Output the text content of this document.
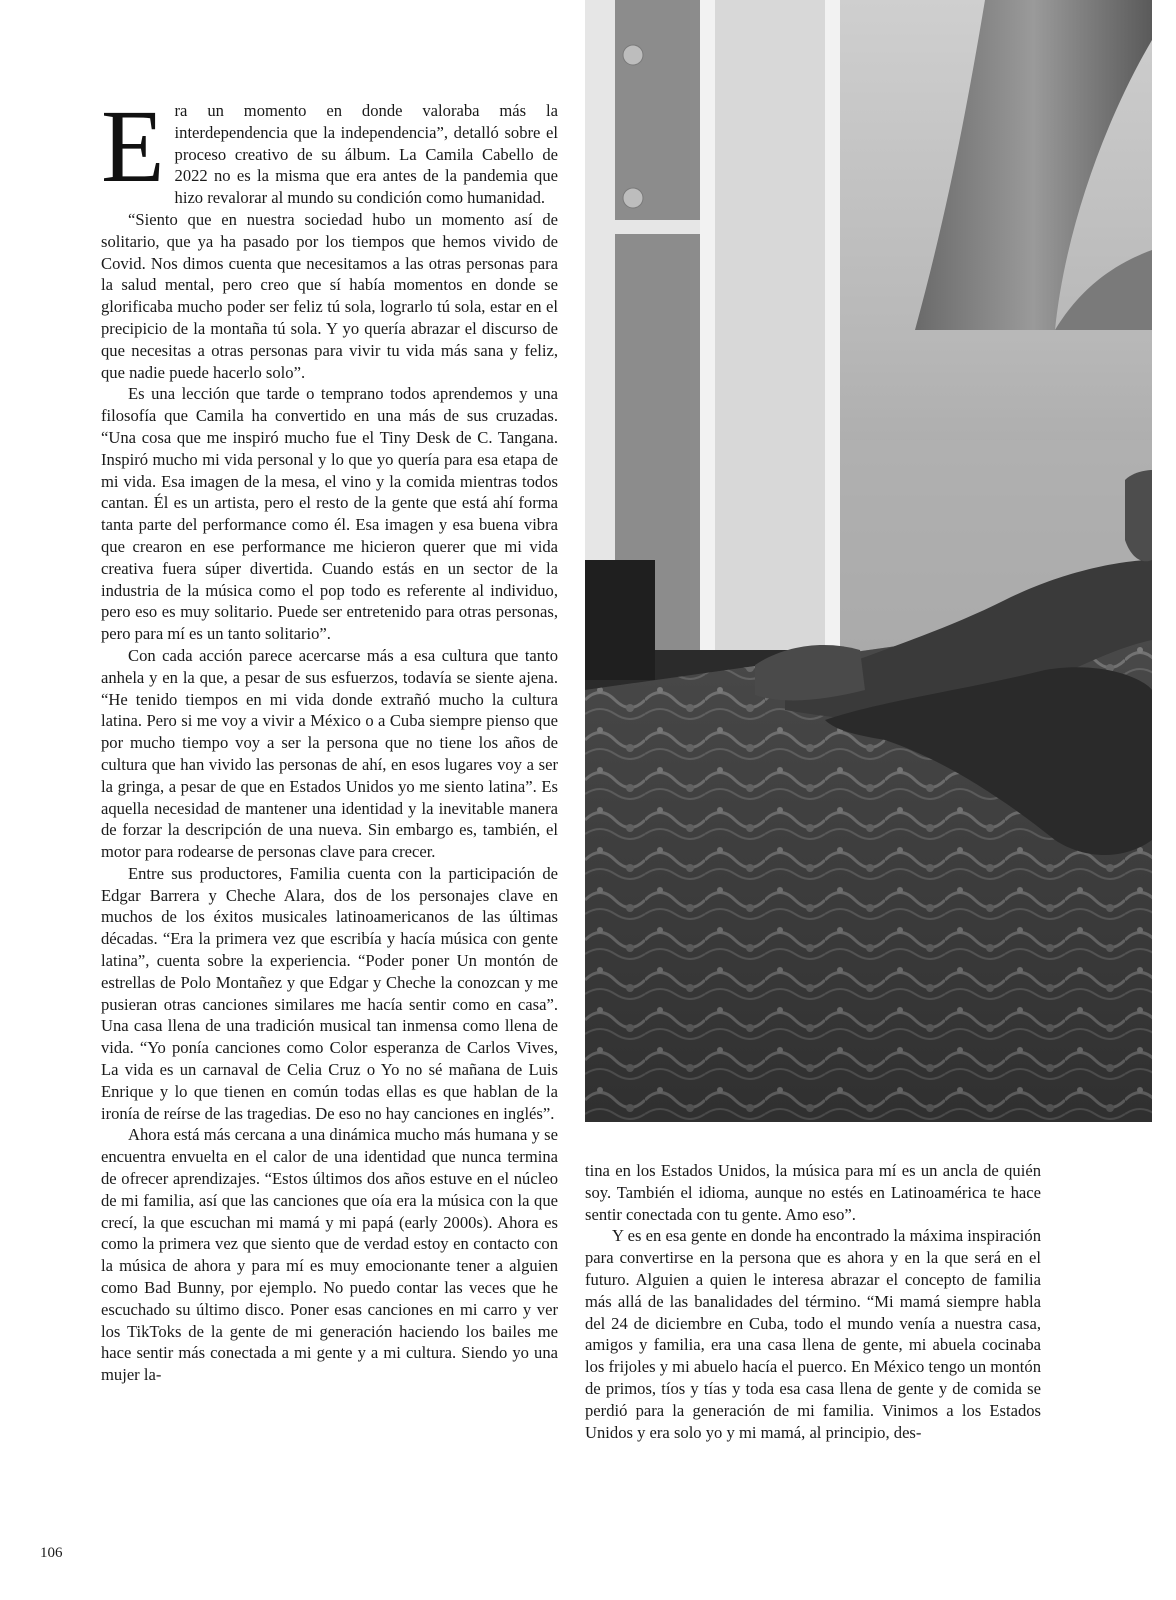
Era un momento en donde valoraba más la interdependencia que la independencia”, detalló sobre el proceso creativo de su álbum. La Camila Cabello de 2022 no es la misma que era antes de la pandemia que hizo revalorar al mundo su condición como humanidad.

“Siento que en nuestra sociedad hubo un momento así de solitario, que ya ha pasado por los tiempos que hemos vivido de Covid. Nos dimos cuenta que necesitamos a las otras personas para la salud mental, pero creo que sí había momentos en donde se glorificaba mucho poder ser feliz tú sola, lograrlo tú sola, estar en el precipicio de la montaña tú sola. Y yo quería abrazar el discurso de que necesitas a otras personas para vivir tu vida más sana y feliz, que nadie puede hacerlo solo”.

Es una lección que tarde o temprano todos aprendemos y una filosofía que Camila ha convertido en una más de sus cruzadas. “Una cosa que me inspiró mucho fue el Tiny Desk de C. Tangana. Inspiró mucho mi vida personal y lo que yo quería para esa etapa de mi vida. Esa imagen de la mesa, el vino y la comida mientras todos cantan. Él es un artista, pero el resto de la gente que está ahí forma tanta parte del performance como él. Esa imagen y esa buena vibra que crearon en ese performance me hicieron querer que mi vida creativa fuera súper divertida. Cuando estás en un sector de la industria de la música como el pop todo es referente al individuo, pero eso es muy solitario. Puede ser entretenido para otras personas, pero para mí es un tanto solitario”.

Con cada acción parece acercarse más a esa cultura que tanto anhela y en la que, a pesar de sus esfuerzos, todavía se siente ajena. “He tenido tiempos en mi vida donde extrañó mucho la cultura latina. Pero si me voy a vivir a México o a Cuba siempre pienso que por mucho tiempo voy a ser la persona que no tiene los años de cultura que han vivido las personas de ahí, en esos lugares voy a ser la gringa, a pesar de que en Estados Unidos yo me siento latina”. Es aquella necesidad de mantener una identidad y la inevitable manera de forzar la descripción de una nueva. Sin embargo es, también, el motor para rodearse de personas clave para crecer.

Entre sus productores, Familia cuenta con la participación de Edgar Barrera y Cheche Alara, dos de los personajes clave en muchos de los éxitos musicales latinoamericanos de las últimas décadas. “Era la primera vez que escribía y hacía música con gente latina”, cuenta sobre la experiencia. “Poder poner Un montón de estrellas de Polo Montañez y que Edgar y Cheche la conozcan y me pusieran otras canciones similares me hacía sentir como en casa”. Una casa llena de una tradición musical tan inmensa como llena de vida. “Yo ponía canciones como Color esperanza de Carlos Vives, La vida es un carnaval de Celia Cruz o Yo no sé mañana de Luis Enrique y lo que tienen en común todas ellas es que hablan de la ironía de reírse de las tragedias. De eso no hay canciones en inglés”.

Ahora está más cercana a una dinámica mucho más humana y se encuentra envuelta en el calor de una identidad que nunca termina de ofrecer aprendizajes. “Estos últimos dos años estuve en el núcleo de mi familia, así que las canciones que oía era la música con la que crecí, la que escuchan mi mamá y mi papá (early 2000s). Ahora es como la primera vez que siento que de verdad estoy en contacto con la música de ahora y para mí es muy emocionante tener a alguien como Bad Bunny, por ejemplo. No puedo contar las veces que he escuchado su último disco. Poner esas canciones en mi carro y ver los TikToks de la gente de mi generación haciendo los bailes me hace sentir más conectada a mi gente y a mi cultura. Siendo yo una mujer la-

tina en los Estados Unidos, la música para mí es un ancla de quién soy. También el idioma, aunque no estés en Latinoamérica te hace sentir conectada con tu gente. Amo eso”.

Y es en esa gente en donde ha encontrado la máxima inspiración para convertirse en la persona que es ahora y en la que será en el futuro. Alguien a quien le interesa abrazar el concepto de familia más allá de las banalidades del término. “Mi mamá siempre habla del 24 de diciembre en Cuba, todo el mundo venía a nuestra casa, amigos y familia, era una casa llena de gente, mi abuela cocinaba los frijoles y mi abuelo hacía el puerco. En México tengo un montón de primos, tíos y tías y toda esa casa llena de gente y de comida se perdió para la generación de mi familia. Vinimos a los Estados Unidos y era solo yo y mi mamá, al principio, des-

106
